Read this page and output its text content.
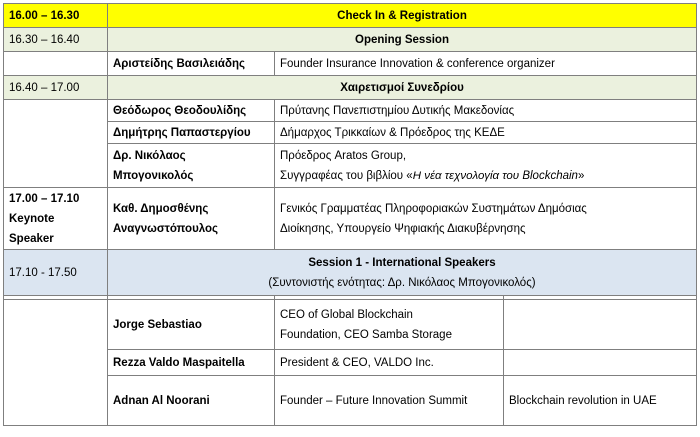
16.00 – 16.30	Check In & Registration		
16.30 – 16.40	Opening Session		
	Αριστείδης Βασιλειάδης	Founder Insurance Innovation & conference organizer	
16.40 – 17.00	Χαιρετισμοί Συνεδρίου		
	Θεόδωρος Θεοδουλίδης	Πρύτανης Πανεπιστημίου Δυτικής Μακεδονίας	
	Δημήτρης Παπαστεργίου	Δήμαρχος Τρικκαίων & Πρόεδρος της ΚΕΔΕ	

	Δρ. Νικόλαος
Μπογονικολός	Πρόεδρος Aratos Group,
Συγγραφέας του βιβλίου «Η νέα τεχνολογία του Blockchain»	

17.00 – 17.10
Keynote
Speaker	Καθ. Δημοσθένης
Αναγνωστόπουλος	Γενικός Γραμματέας Πληροφοριακών Συστημάτων Δημόσιας
Διοίκησης, Υπουργείο Ψηφιακής Διακυβέρνησης	

17.10 - 17.50	Session 1 - International Speakers
(Συντονιστής ενότητας: Δρ. Νικόλαος Μπογονικολός)		

	Jorge Sebastiao	CEO of Global Blockchain
Foundation, CEO Samba Storage	

	Rezza Valdo Maspaitella	President & CEO, VALDO Inc.	
	Adnan Al Noorani	Founder – Future Innovation Summit	Blockchain revolution in UAE
